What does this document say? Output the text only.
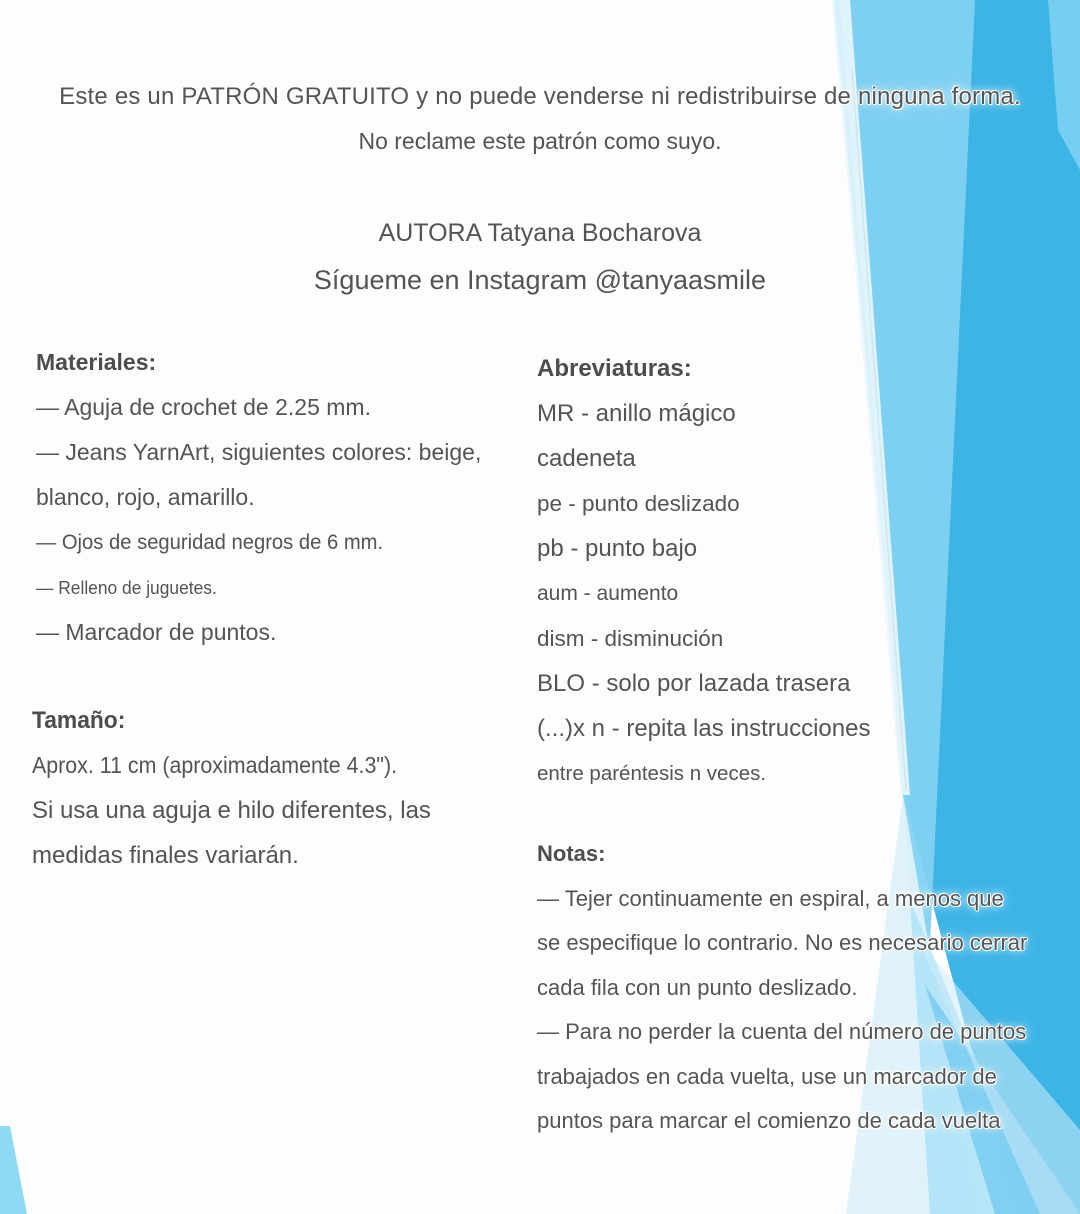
Este es un PATRÓN GRATUITO y no puede venderse ni redistribuirse de ninguna forma.

No reclame este patrón como suyo.

AUTORA Tatyana Bocharova

Sígueme en Instagram @tanyaasmile

Materiales:

— Aguja de crochet de 2.25 mm.

— Jeans YarnArt, siguientes colores: beige, blanco, rojo, amarillo.

— Ojos de seguridad negros de 6 mm.

— Relleno de juguetes.

— Marcador de puntos.

Tamaño:

Aprox. 11 cm (aproximadamente 4.3").

Si usa una aguja e hilo diferentes, las medidas finales variarán.

Abreviaturas:

MR - anillo mágico

cadeneta

pe - punto deslizado

pb - punto bajo

aum - aumento

dism - disminución

BLO - solo por lazada trasera

(...)x n - repita las instrucciones

entre paréntesis n veces.

Notas:

— Tejer continuamente en espiral, a menos que se especifique lo contrario. No es necesario cerrar cada fila con un punto deslizado.

— Para no perder la cuenta del número de puntos trabajados en cada vuelta, use un marcador de puntos para marcar el comienzo de cada vuelta
